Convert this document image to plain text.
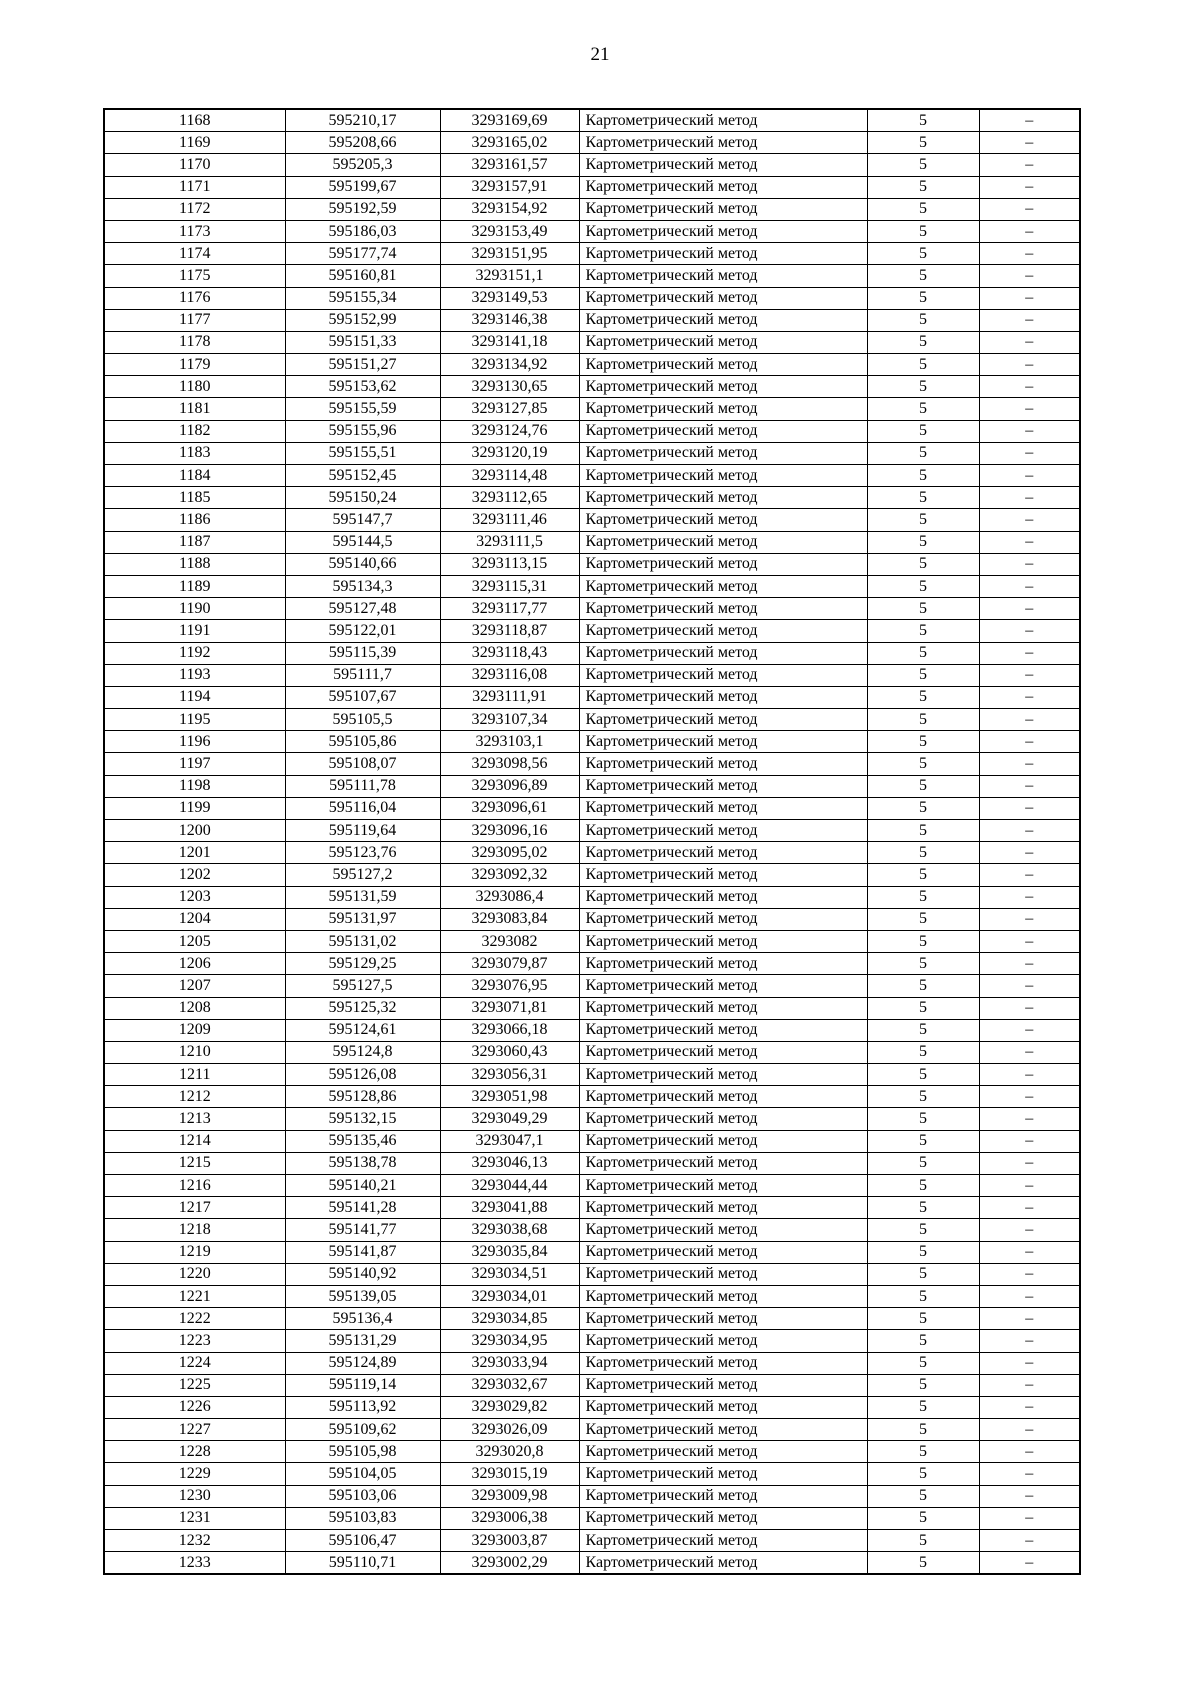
21
1168	595210,17	3293169,69	Картометрический метод	5	–
1169	595208,66	3293165,02	Картометрический метод	5	–
1170	595205,3	3293161,57	Картометрический метод	5	–
1171	595199,67	3293157,91	Картометрический метод	5	–
1172	595192,59	3293154,92	Картометрический метод	5	–
1173	595186,03	3293153,49	Картометрический метод	5	–
1174	595177,74	3293151,95	Картометрический метод	5	–
1175	595160,81	3293151,1	Картометрический метод	5	–
1176	595155,34	3293149,53	Картометрический метод	5	–
1177	595152,99	3293146,38	Картометрический метод	5	–
1178	595151,33	3293141,18	Картометрический метод	5	–
1179	595151,27	3293134,92	Картометрический метод	5	–
1180	595153,62	3293130,65	Картометрический метод	5	–
1181	595155,59	3293127,85	Картометрический метод	5	–
1182	595155,96	3293124,76	Картометрический метод	5	–
1183	595155,51	3293120,19	Картометрический метод	5	–
1184	595152,45	3293114,48	Картометрический метод	5	–
1185	595150,24	3293112,65	Картометрический метод	5	–
1186	595147,7	3293111,46	Картометрический метод	5	–
1187	595144,5	3293111,5	Картометрический метод	5	–
1188	595140,66	3293113,15	Картометрический метод	5	–
1189	595134,3	3293115,31	Картометрический метод	5	–
1190	595127,48	3293117,77	Картометрический метод	5	–
1191	595122,01	3293118,87	Картометрический метод	5	–
1192	595115,39	3293118,43	Картометрический метод	5	–
1193	595111,7	3293116,08	Картометрический метод	5	–
1194	595107,67	3293111,91	Картометрический метод	5	–
1195	595105,5	3293107,34	Картометрический метод	5	–
1196	595105,86	3293103,1	Картометрический метод	5	–
1197	595108,07	3293098,56	Картометрический метод	5	–
1198	595111,78	3293096,89	Картометрический метод	5	–
1199	595116,04	3293096,61	Картометрический метод	5	–
1200	595119,64	3293096,16	Картометрический метод	5	–
1201	595123,76	3293095,02	Картометрический метод	5	–
1202	595127,2	3293092,32	Картометрический метод	5	–
1203	595131,59	3293086,4	Картометрический метод	5	–
1204	595131,97	3293083,84	Картометрический метод	5	–
1205	595131,02	3293082	Картометрический метод	5	–
1206	595129,25	3293079,87	Картометрический метод	5	–
1207	595127,5	3293076,95	Картометрический метод	5	–
1208	595125,32	3293071,81	Картометрический метод	5	–
1209	595124,61	3293066,18	Картометрический метод	5	–
1210	595124,8	3293060,43	Картометрический метод	5	–
1211	595126,08	3293056,31	Картометрический метод	5	–
1212	595128,86	3293051,98	Картометрический метод	5	–
1213	595132,15	3293049,29	Картометрический метод	5	–
1214	595135,46	3293047,1	Картометрический метод	5	–
1215	595138,78	3293046,13	Картометрический метод	5	–
1216	595140,21	3293044,44	Картометрический метод	5	–
1217	595141,28	3293041,88	Картометрический метод	5	–
1218	595141,77	3293038,68	Картометрический метод	5	–
1219	595141,87	3293035,84	Картометрический метод	5	–
1220	595140,92	3293034,51	Картометрический метод	5	–
1221	595139,05	3293034,01	Картометрический метод	5	–
1222	595136,4	3293034,85	Картометрический метод	5	–
1223	595131,29	3293034,95	Картометрический метод	5	–
1224	595124,89	3293033,94	Картометрический метод	5	–
1225	595119,14	3293032,67	Картометрический метод	5	–
1226	595113,92	3293029,82	Картометрический метод	5	–
1227	595109,62	3293026,09	Картометрический метод	5	–
1228	595105,98	3293020,8	Картометрический метод	5	–
1229	595104,05	3293015,19	Картометрический метод	5	–
1230	595103,06	3293009,98	Картометрический метод	5	–
1231	595103,83	3293006,38	Картометрический метод	5	–
1232	595106,47	3293003,87	Картометрический метод	5	–
1233	595110,71	3293002,29	Картометрический метод	5	–
